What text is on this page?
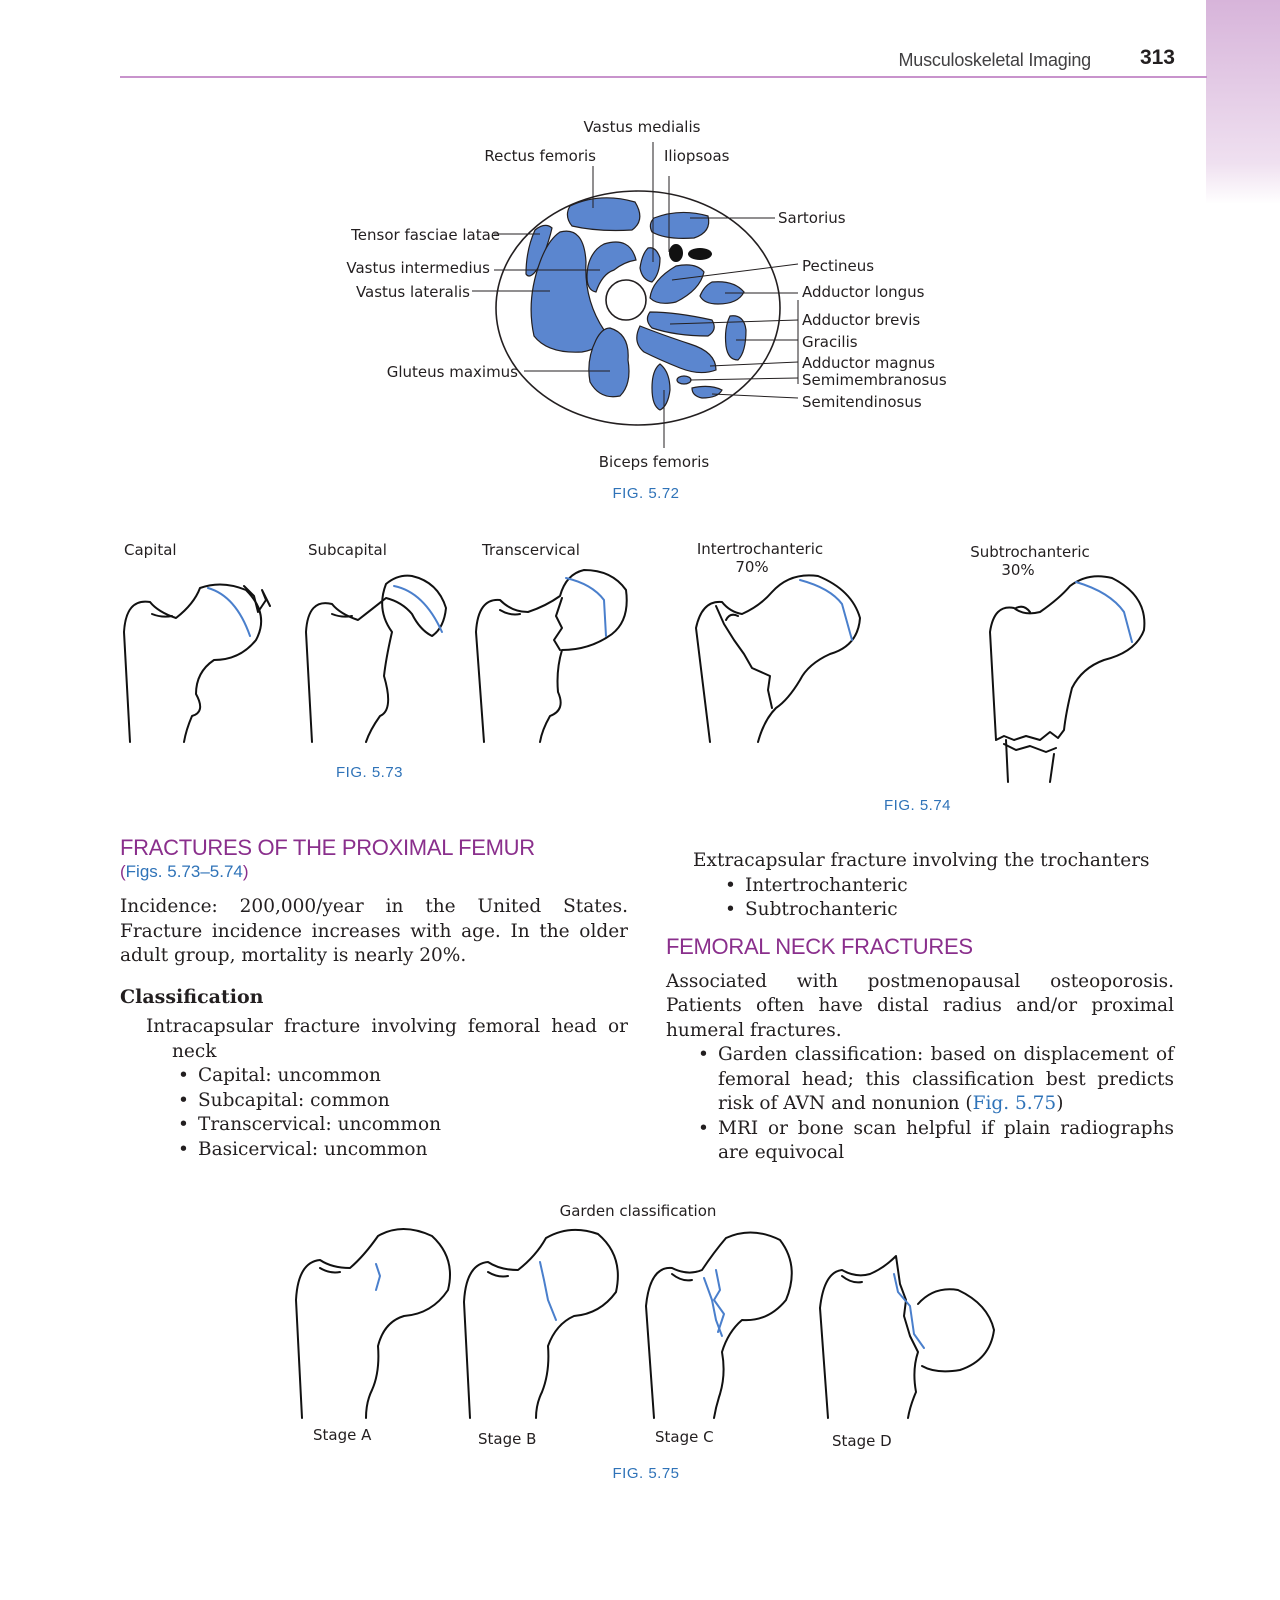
Musculoskeletal Imaging 313
Vastus medialis
Rectus femoris	Iliopsoas
Sartorius
Tensor fasciae latae
Vastus intermedius
Vastus lateralis
Pectineus
Adductor longus
Adductor brevis
Gracilis
Gluteus maximus	Adductor magnus
Semimembranosus
Semitendinosus
Biceps femoris
FIG. 5.72
Capital	Subcapital	Transcervical
FIG. 5.73
Intertrochanteric
70%
Subtrochanteric
30%
FIG. 5.74
Garden classification
Stage A	Stage B	Stage C	Stage D
FIG. 5.75
FRACTURES OF THE PROXIMAL FEMUR
(Figs. 5.73–5.74)

Incidence: 200,000/year in the United States. Fracture incidence increases with age. In the older adult group, mortality is nearly 20%.

Classification

Intracapsular fracture involving femoral head or neck

• Capital: uncommon
• Subcapital: common
• Transcervical: uncommon
• Basicervical: uncommon

Extracapsular fracture involving the trochanters

• Intertrochanteric
• Subtrochanteric
FEMORAL NECK FRACTURES

Associated with postmenopausal osteoporosis. Patients often have distal radius and/or proximal humeral fractures.

• Garden classification: based on displacement of femoral head; this classification best predicts risk of AVN and nonunion (Fig. 5.75)
• MRI or bone scan helpful if plain radiographs are equivocal
